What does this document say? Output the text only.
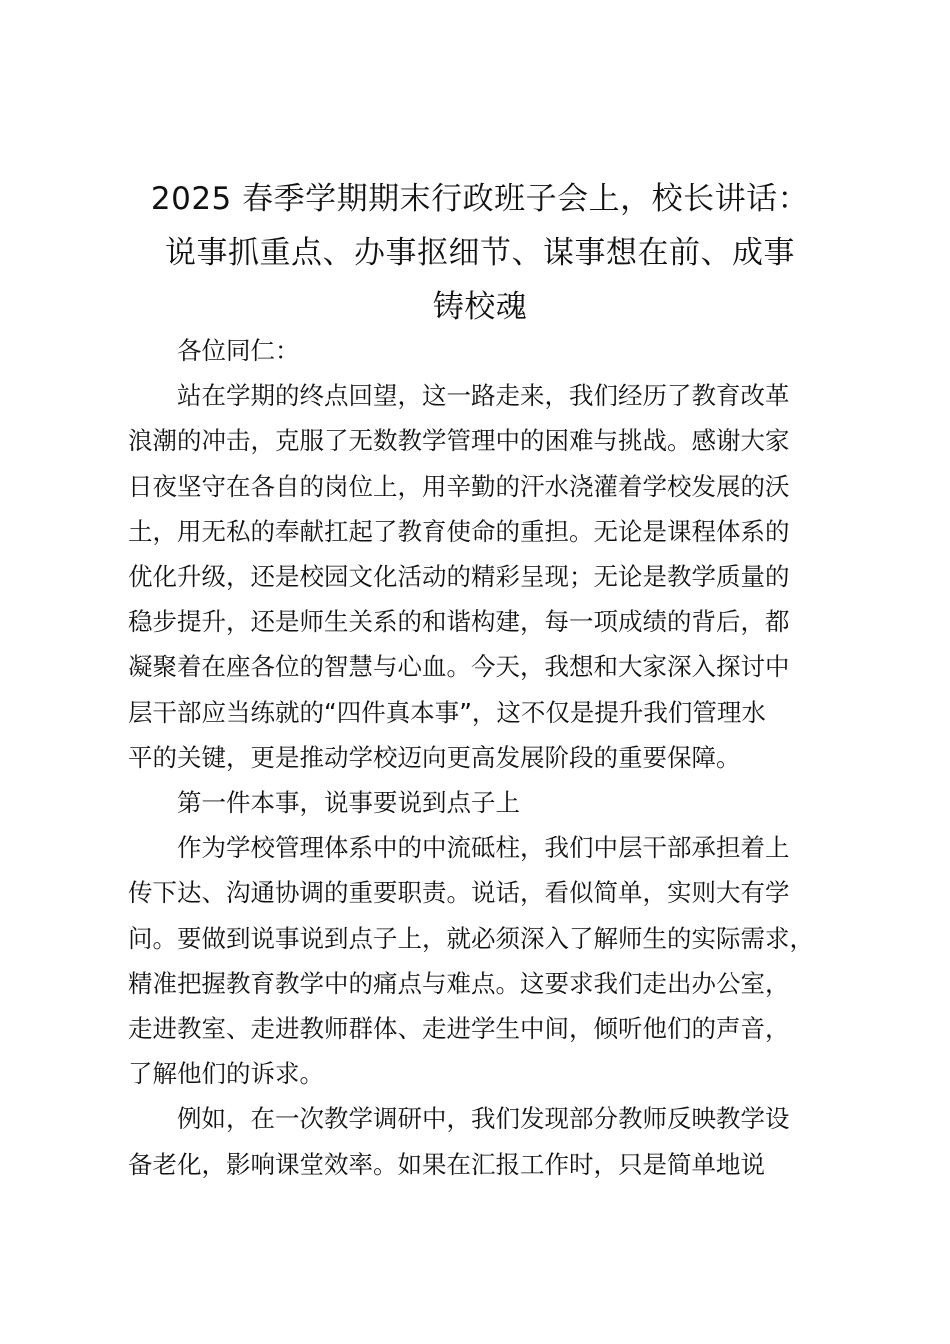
2025 春季学期期末行政班子会上，校长讲话：
说事抓重点、办事抠细节、谋事想在前、成事
铸校魂

各位同仁：

站在学期的终点回望，这一路走来，我们经历了教育改革
浪潮的冲击，克服了无数教学管理中的困难与挑战。感谢大家
日夜坚守在各自的岗位上，用辛勤的汗水浇灌着学校发展的沃
土，用无私的奉献扛起了教育使命的重担。无论是课程体系的
优化升级，还是校园文化活动的精彩呈现；无论是教学质量的
稳步提升，还是师生关系的和谐构建，每一项成绩的背后，都
凝聚着在座各位的智慧与心血。今天，我想和大家深入探讨中
层干部应当练就的“四件真本事”，这不仅是提升我们管理水
平的关键，更是推动学校迈向更高发展阶段的重要保障。

第一件本事，说事要说到点子上

作为学校管理体系中的中流砥柱，我们中层干部承担着上
传下达、沟通协调的重要职责。说话，看似简单，实则大有学
问。要做到说事说到点子上，就必须深入了解师生的实际需求，
精准把握教育教学中的痛点与难点。这要求我们走出办公室，
走进教室、走进教师群体、走进学生中间，倾听他们的声音，
了解他们的诉求。

例如，在一次教学调研中，我们发现部分教师反映教学设
备老化，影响课堂效率。如果在汇报工作时，只是简单地说
